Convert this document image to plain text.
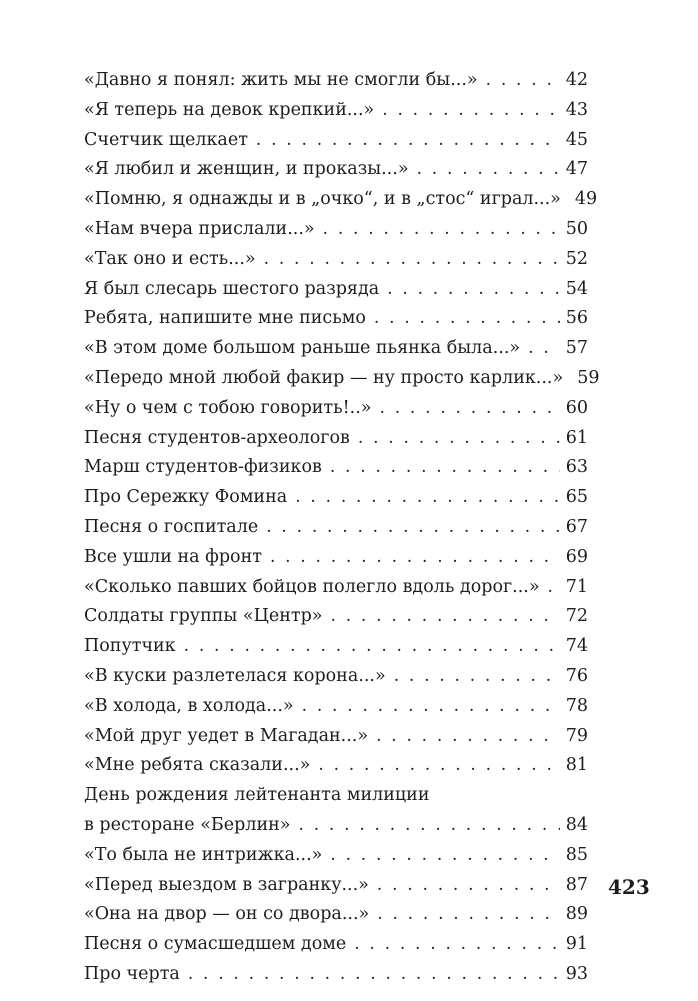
«Давно я понял: жить мы не смогли бы...» . . .	42
«Я теперь на девок крепкий...» . . .	43
Счетчик щелкает . . .	45
«Я любил и женщин, и проказы...» . . .	47
«Помню, я однажды и в „очко“, и в „стос“ играл...» 49
«Нам вчера прислали...» . . .	50
«Так оно и есть...» . . .	52
Я был слесарь шестого разряда . . .	54
Ребята, напишите мне письмо . . .	56
«В этом доме большом раньше пьянка была...» . . .	57
«Передо мной любой факир — ну просто карлик...» 59
«Ну о чем с тобою говорить!..» . . .	60
Песня студентов-археологов . . .	61
Марш студентов-физиков . . .	63
Про Сережку Фомина . . .	65
Песня о госпитале . . .	67
Все ушли на фронт . . .	69
«Сколько павших бойцов полегло вдоль дорог...» . . . 71
Солдаты группы «Центр» . . .	72
Попутчик . . .	74
«В куски разлетелася корона...» . . .	76
«В холода, в холода...» . . .	78
«Мой друг уедет в Магадан...» . . .	79
«Мне ребята сказали...» . . .	81
День рождения лейтенанта милиции
в ресторане «Берлин» . . .	84
«То была не интрижка...» . . .	85
«Перед выездом в загранку...» . . .	87
«Она на двор — он со двора...» . . .	89
Песня о сумасшедшем доме . . .	91
Про черта . . .	93
423
